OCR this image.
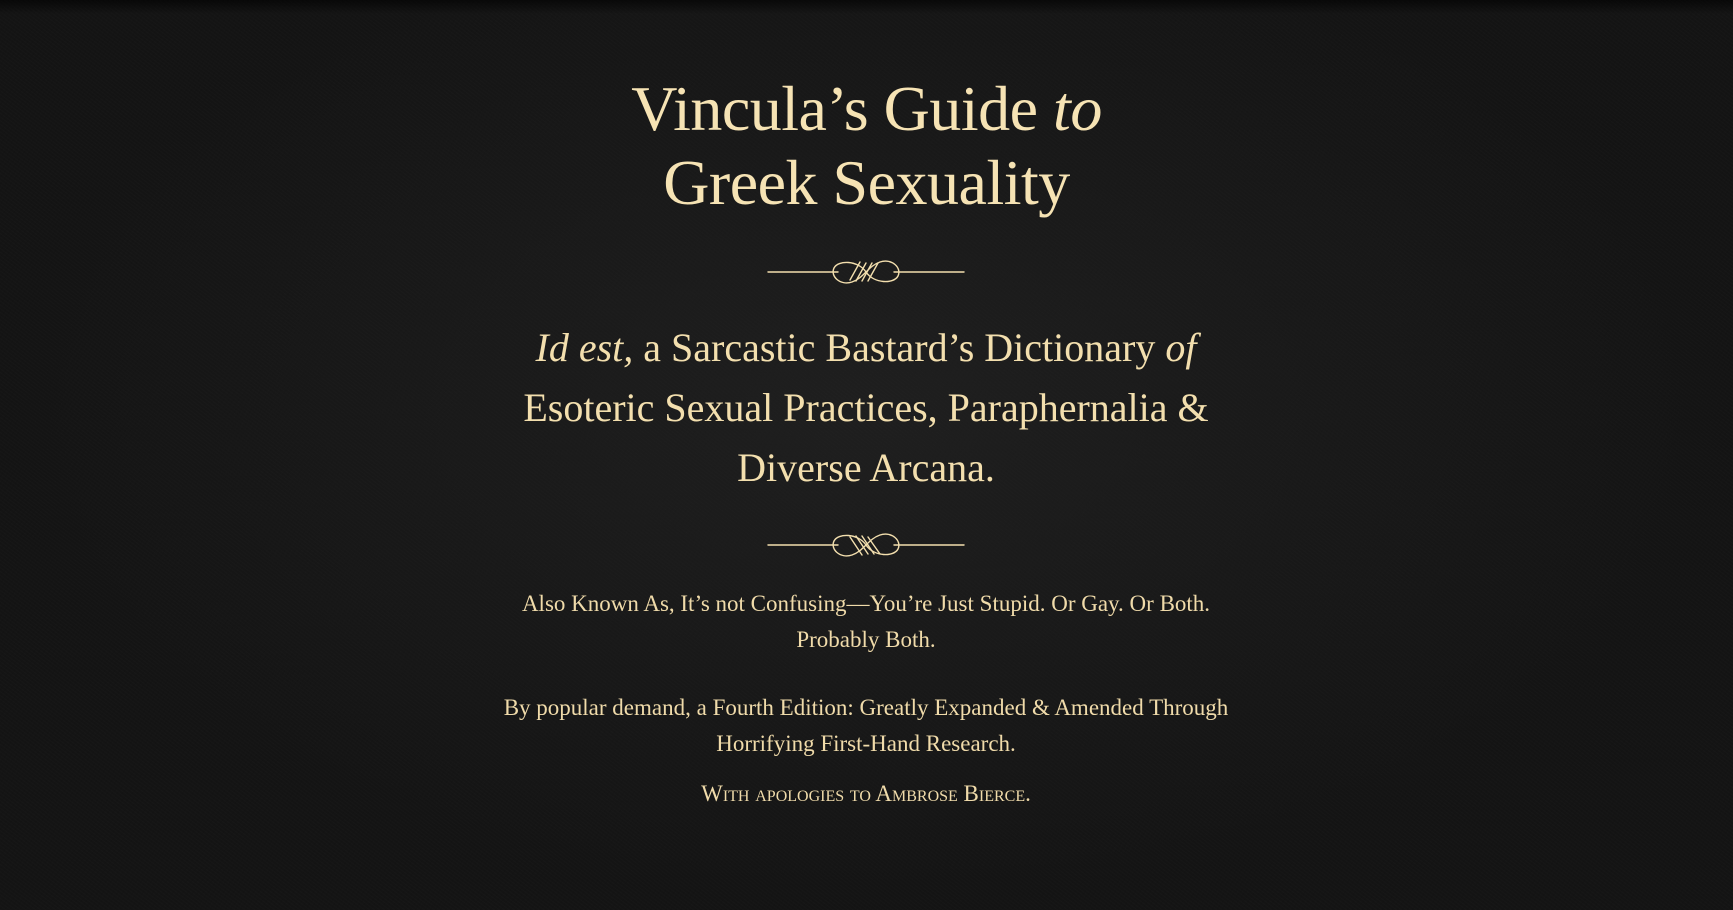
Vincula’s Guide to
Greek Sexuality
Id est, a Sarcastic Bastard’s Dictionary of
Esoteric Sexual Practices, Paraphernalia &
Diverse Arcana.

Also Known As, It’s not Confusing—You’re Just Stupid. Or Gay. Or Both.
Probably Both.

By popular demand, a Fourth Edition: Greatly Expanded & Amended Through
Horrifying First-Hand Research.

With apologies to Ambrose Bierce.
